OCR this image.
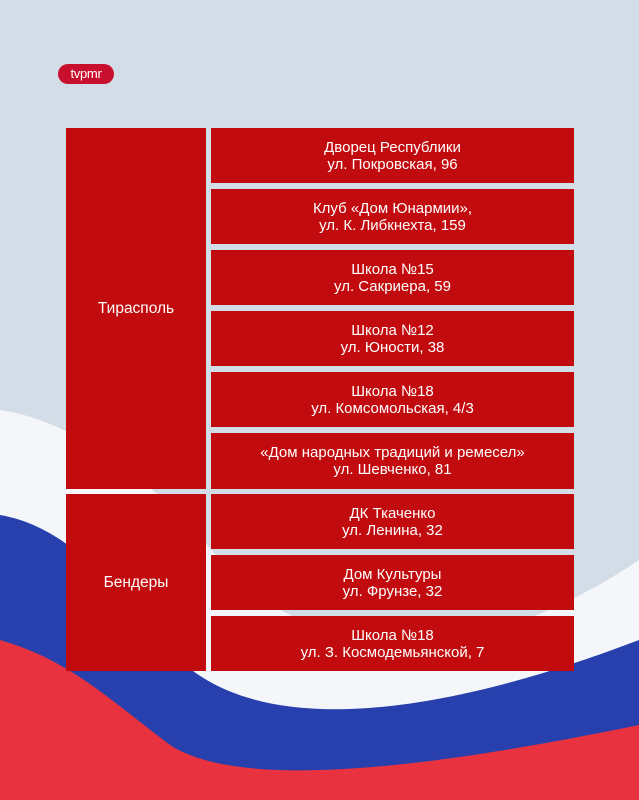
tvpmr
Тирасполь
Дворец Республики
ул. Покровская, 96
Клуб «Дом Юнармии»,
ул. К. Либкнехта, 159
Школа №15
ул. Сакриера, 59
Школа №12
ул. Юности, 38
Школа №18
ул. Комсомольская, 4/3
«Дом народных традиций и ремесел»
ул. Шевченко, 81
Бендеры
ДК Ткаченко
ул. Ленина, 32
Дом Культуры
ул. Фрунзе, 32
Школа №18
ул. З. Космодемьянской, 7
